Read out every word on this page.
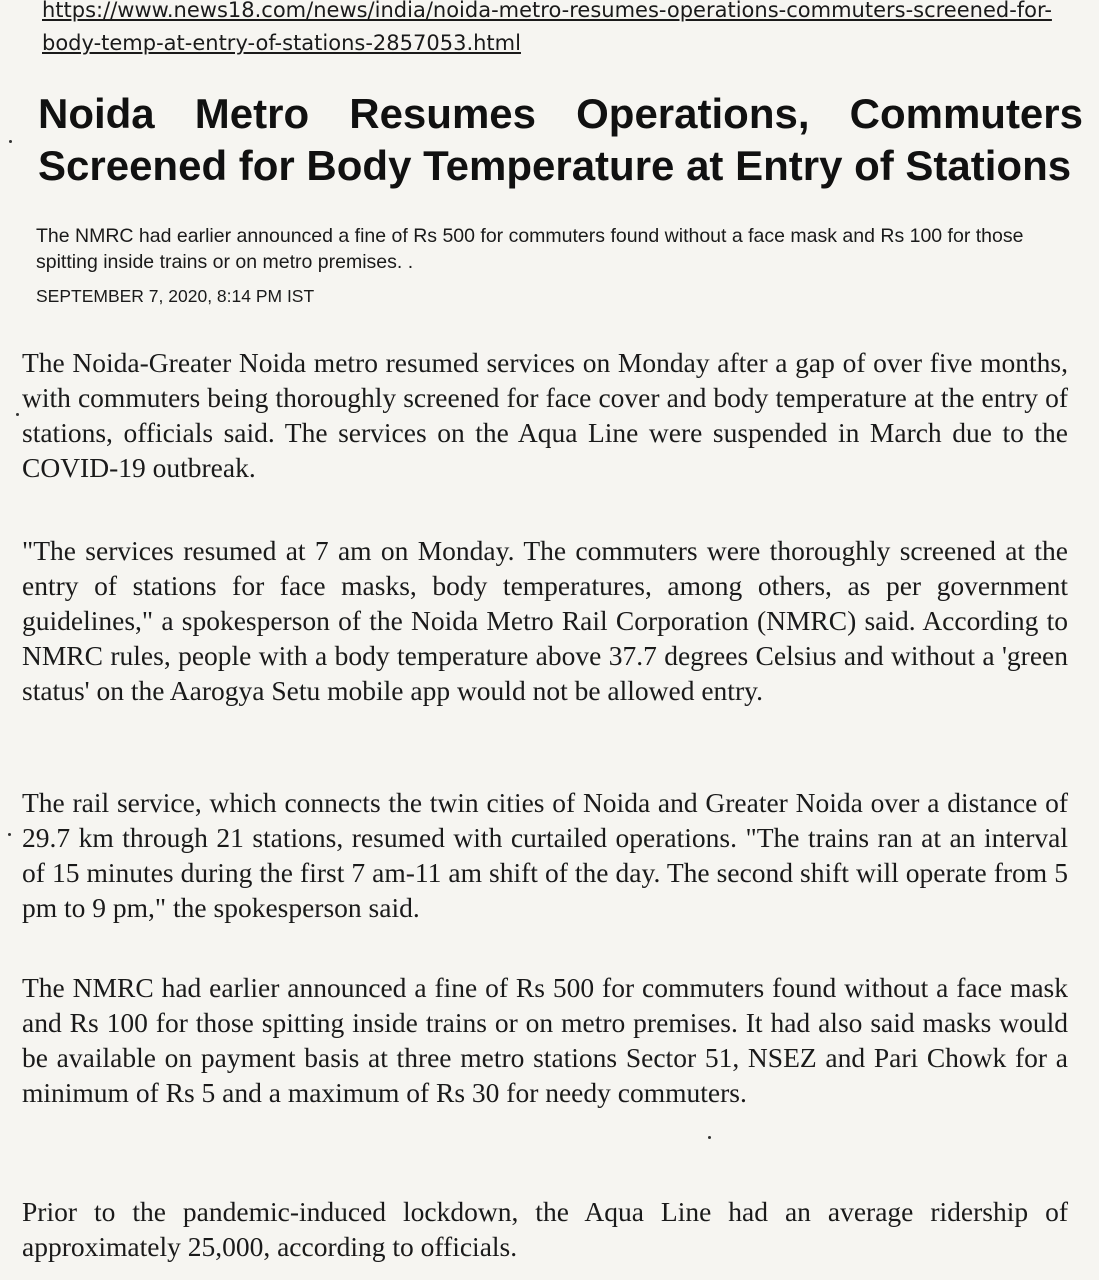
https://www.news18.com/news/india/noida-metro-resumes-operations-commuters-screened-for-body-temp-at-entry-of-stations-2857053.html

Noida Metro Resumes Operations, Commuters Screened for Body Temperature at Entry of Stations

The NMRC had earlier announced a fine of Rs 500 for commuters found without a face mask and Rs 100 for those spitting inside trains or on metro premises. .

SEPTEMBER 7, 2020, 8:14 PM IST

The Noida-Greater Noida metro resumed services on Monday after a gap of over five months, with commuters being thoroughly screened for face cover and body temperature at the entry of stations, officials said. The services on the Aqua Line were suspended in March due to the COVID-19 outbreak.

"The services resumed at 7 am on Monday. The commuters were thoroughly screened at the entry of stations for face masks, body temperatures, among others, as per government guidelines," a spokesperson of the Noida Metro Rail Corporation (NMRC) said. According to NMRC rules, people with a body temperature above 37.7 degrees Celsius and without a 'green status' on the Aarogya Setu mobile app would not be allowed entry.

The rail service, which connects the twin cities of Noida and Greater Noida over a distance of 29.7 km through 21 stations, resumed with curtailed operations. "The trains ran at an interval of 15 minutes during the first 7 am-11 am shift of the day. The second shift will operate from 5 pm to 9 pm," the spokesperson said.

The NMRC had earlier announced a fine of Rs 500 for commuters found without a face mask and Rs 100 for those spitting inside trains or on metro premises. It had also said masks would be available on payment basis at three metro stations Sector 51, NSEZ and Pari Chowk for a minimum of Rs 5 and a maximum of Rs 30 for needy commuters.

Prior to the pandemic-induced lockdown, the Aqua Line had an average ridership of approximately 25,000, according to officials.
